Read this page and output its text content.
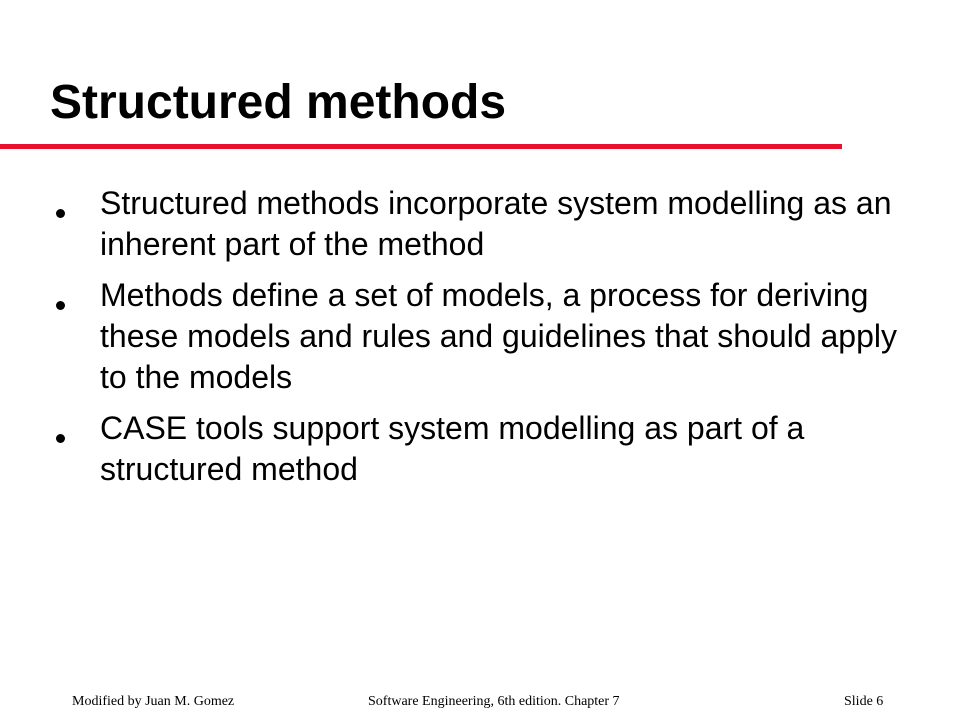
Structured methods
Structured methods incorporate system modelling as an inherent part of the method
Methods define a set of models, a process for deriving these models and rules and guidelines that should apply to the models
CASE tools support system modelling as part of a structured method
Modified by Juan M. Gomez	Software Engineering, 6th edition. Chapter 7	Slide 6
